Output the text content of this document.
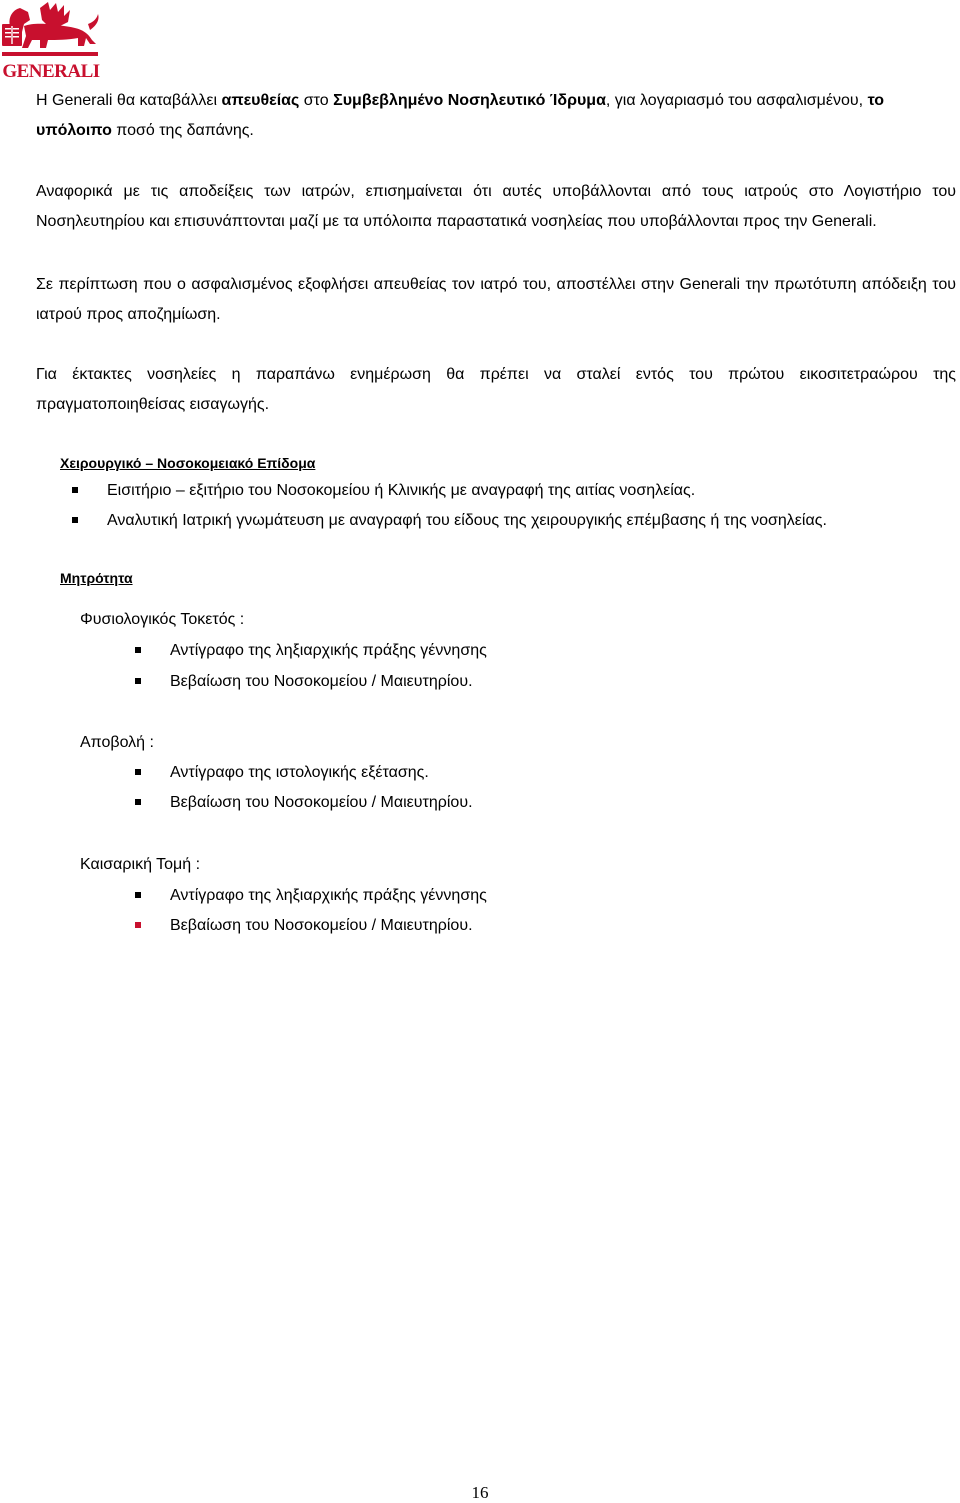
GENERALI

Η Generali θα καταβάλλει απευθείας στο Συμβεβλημένο Νοσηλευτικό Ίδρυμα, για λογαριασμό του ασφαλισμένου, το υπόλοιπο ποσό της δαπάνης.

Αναφορικά με τις αποδείξεις των ιατρών, επισημαίνεται ότι αυτές υποβάλλονται από τους ιατρούς στο Λογιστήριο του Νοσηλευτηρίου και επισυνάπτονται μαζί με τα υπόλοιπα παραστατικά νοσηλείας που υποβάλλονται προς την Generali.

Σε περίπτωση που ο ασφαλισμένος εξοφλήσει απευθείας τον ιατρό του, αποστέλλει στην Generali την πρωτότυπη απόδειξη του ιατρού προς αποζημίωση.

Για έκτακτες νοσηλείες η παραπάνω ενημέρωση θα πρέπει να σταλεί εντός του πρώτου εικοσιτετραώρου της πραγματοποιηθείσας εισαγωγής.

Χειρουργικό – Νοσοκομειακό Επίδομα

Εισιτήριο – εξιτήριο του Νοσοκομείου ή Κλινικής με αναγραφή της αιτίας νοσηλείας.

Αναλυτική Ιατρική γνωμάτευση με αναγραφή του είδους της χειρουργικής επέμβασης ή της νοσηλείας.

Μητρότητα

Φυσιολογικός Τοκετός :

Αντίγραφο της ληξιαρχικής πράξης γέννησης

Βεβαίωση του Νοσοκομείου / Μαιευτηρίου.

Αποβολή :

Αντίγραφο της ιστολογικής εξέτασης.

Βεβαίωση του Νοσοκομείου / Μαιευτηρίου.

Καισαρική Τομή :

Αντίγραφο της ληξιαρχικής πράξης γέννησης

Βεβαίωση του Νοσοκομείου / Μαιευτηρίου.

16
